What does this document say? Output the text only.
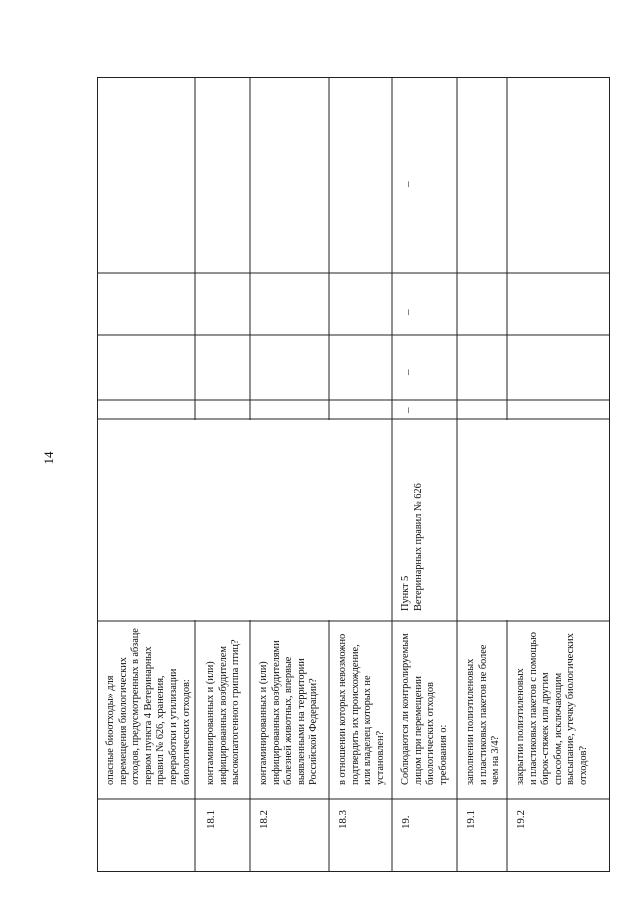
14
опасные биоотходы» для перемещения биологических отходов, предусмотренных в абзаце первом пункта 4 Ветеринарных правил № 626, хранения, переработки и утилизации биологических отходов:
18.1
контаминированных и (или) инфицированных возбудителем высокопатогенного гриппа птиц?
18.2
контаминированных и (или) инфицированных возбудителями болезней животных, впервые выявленными на территории Российской Федерации?
18.3
в отношении которых невозможно подтвердить их происхождение, или владелец которых не установлен?
19.
Соблюдаются ли контролируемым лицом при перемещении биологических отходов требования о:
Пункт 5 Ветеринарных правил № 626
–
–
–
–
19.1
заполнении полиэтиленовых и пластиковых пакетов не более чем на 3/4?
19.2
закрытии полиэтиленовых и пластиковых пакетов с помощью бирок-стяжек или другим способом, исключающим высыпание, утечку биологических отходов?
